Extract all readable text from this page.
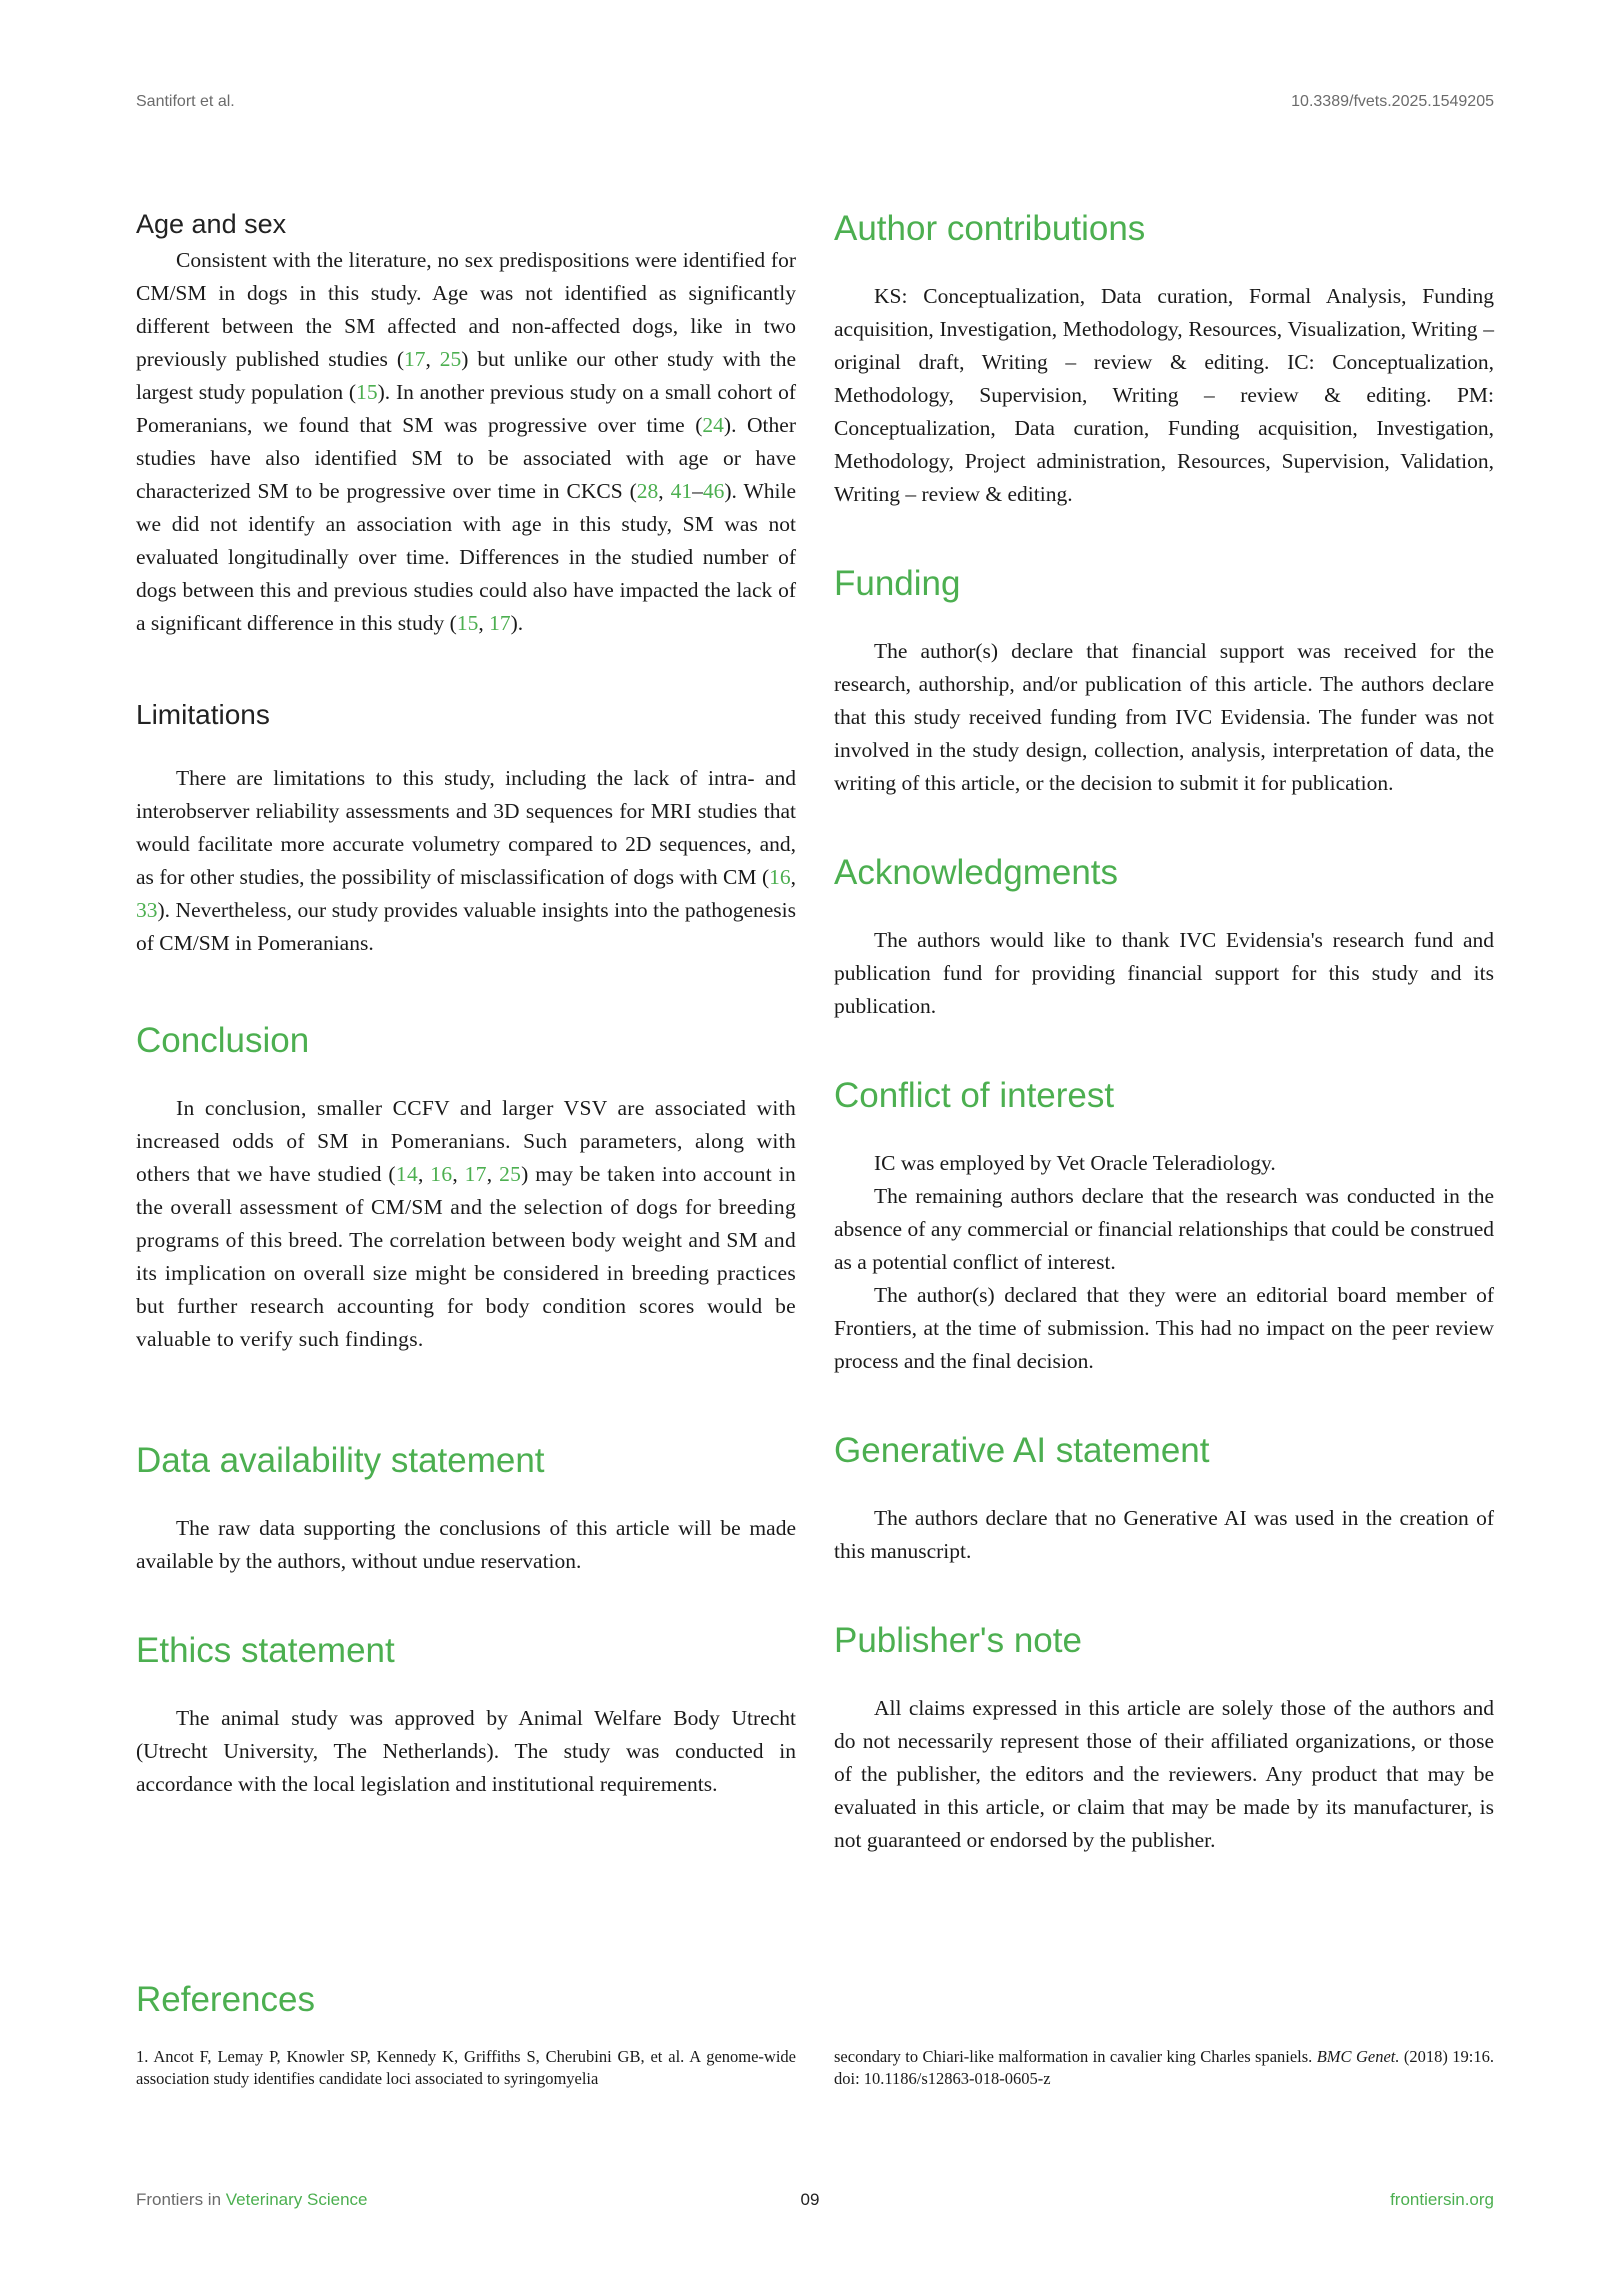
Santifort et al.	10.3389/fvets.2025.1549205
Age and sex

Consistent with the literature, no sex predispositions were identified for CM/SM in dogs in this study. Age was not identified as significantly different between the SM affected and non-affected dogs, like in two previously published studies (17, 25) but unlike our other study with the largest study population (15). In another previous study on a small cohort of Pomeranians, we found that SM was progressive over time (24). Other studies have also identified SM to be associated with age or have characterized SM to be progressive over time in CKCS (28, 41–46). While we did not identify an association with age in this study, SM was not evaluated longitudinally over time. Differences in the studied number of dogs between this and previous studies could also have impacted the lack of a significant difference in this study (15, 17).

Limitations

There are limitations to this study, including the lack of intra- and interobserver reliability assessments and 3D sequences for MRI studies that would facilitate more accurate volumetry compared to 2D sequences, and, as for other studies, the possibility of misclassification of dogs with CM (16, 33). Nevertheless, our study provides valuable insights into the pathogenesis of CM/SM in Pomeranians.

Conclusion

In conclusion, smaller CCFV and larger VSV are associated with increased odds of SM in Pomeranians. Such parameters, along with others that we have studied (14, 16, 17, 25) may be taken into account in the overall assessment of CM/SM and the selection of dogs for breeding programs of this breed. The correlation between body weight and SM and its implication on overall size might be considered in breeding practices but further research accounting for body condition scores would be valuable to verify such findings.

Data availability statement

The raw data supporting the conclusions of this article will be made available by the authors, without undue reservation.

Ethics statement

The animal study was approved by Animal Welfare Body Utrecht (Utrecht University, The Netherlands). The study was conducted in accordance with the local legislation and institutional requirements.

Author contributions

KS: Conceptualization, Data curation, Formal Analysis, Funding acquisition, Investigation, Methodology, Resources, Visualization, Writing – original draft, Writing – review & editing. IC: Conceptualization, Methodology, Supervision, Writing – review & editing. PM: Conceptualization, Data curation, Funding acquisition, Investigation, Methodology, Project administration, Resources, Supervision, Validation, Writing – review & editing.

Funding

The author(s) declare that financial support was received for the research, authorship, and/or publication of this article. The authors declare that this study received funding from IVC Evidensia. The funder was not involved in the study design, collection, analysis, interpretation of data, the writing of this article, or the decision to submit it for publication.

Acknowledgments

The authors would like to thank IVC Evidensia's research fund and publication fund for providing financial support for this study and its publication.

Conflict of interest

IC was employed by Vet Oracle Teleradiology.

The remaining authors declare that the research was conducted in the absence of any commercial or financial relationships that could be construed as a potential conflict of interest.

The author(s) declared that they were an editorial board member of Frontiers, at the time of submission. This had no impact on the peer review process and the final decision.

Generative AI statement

The authors declare that no Generative AI was used in the creation of this manuscript.

Publisher's note

All claims expressed in this article are solely those of the authors and do not necessarily represent those of their affiliated organizations, or those of the publisher, the editors and the reviewers. Any product that may be evaluated in this article, or claim that may be made by its manufacturer, is not guaranteed or endorsed by the publisher.

References
1. Ancot F, Lemay P, Knowler SP, Kennedy K, Griffiths S, Cherubini GB, et al. A genome-wide association study identifies candidate loci associated to syringomyelia
secondary to Chiari-like malformation in cavalier king Charles spaniels. BMC Genet. (2018) 19:16. doi: 10.1186/s12863-018-0605-z
Frontiers in Veterinary Science	09	frontiersin.org
